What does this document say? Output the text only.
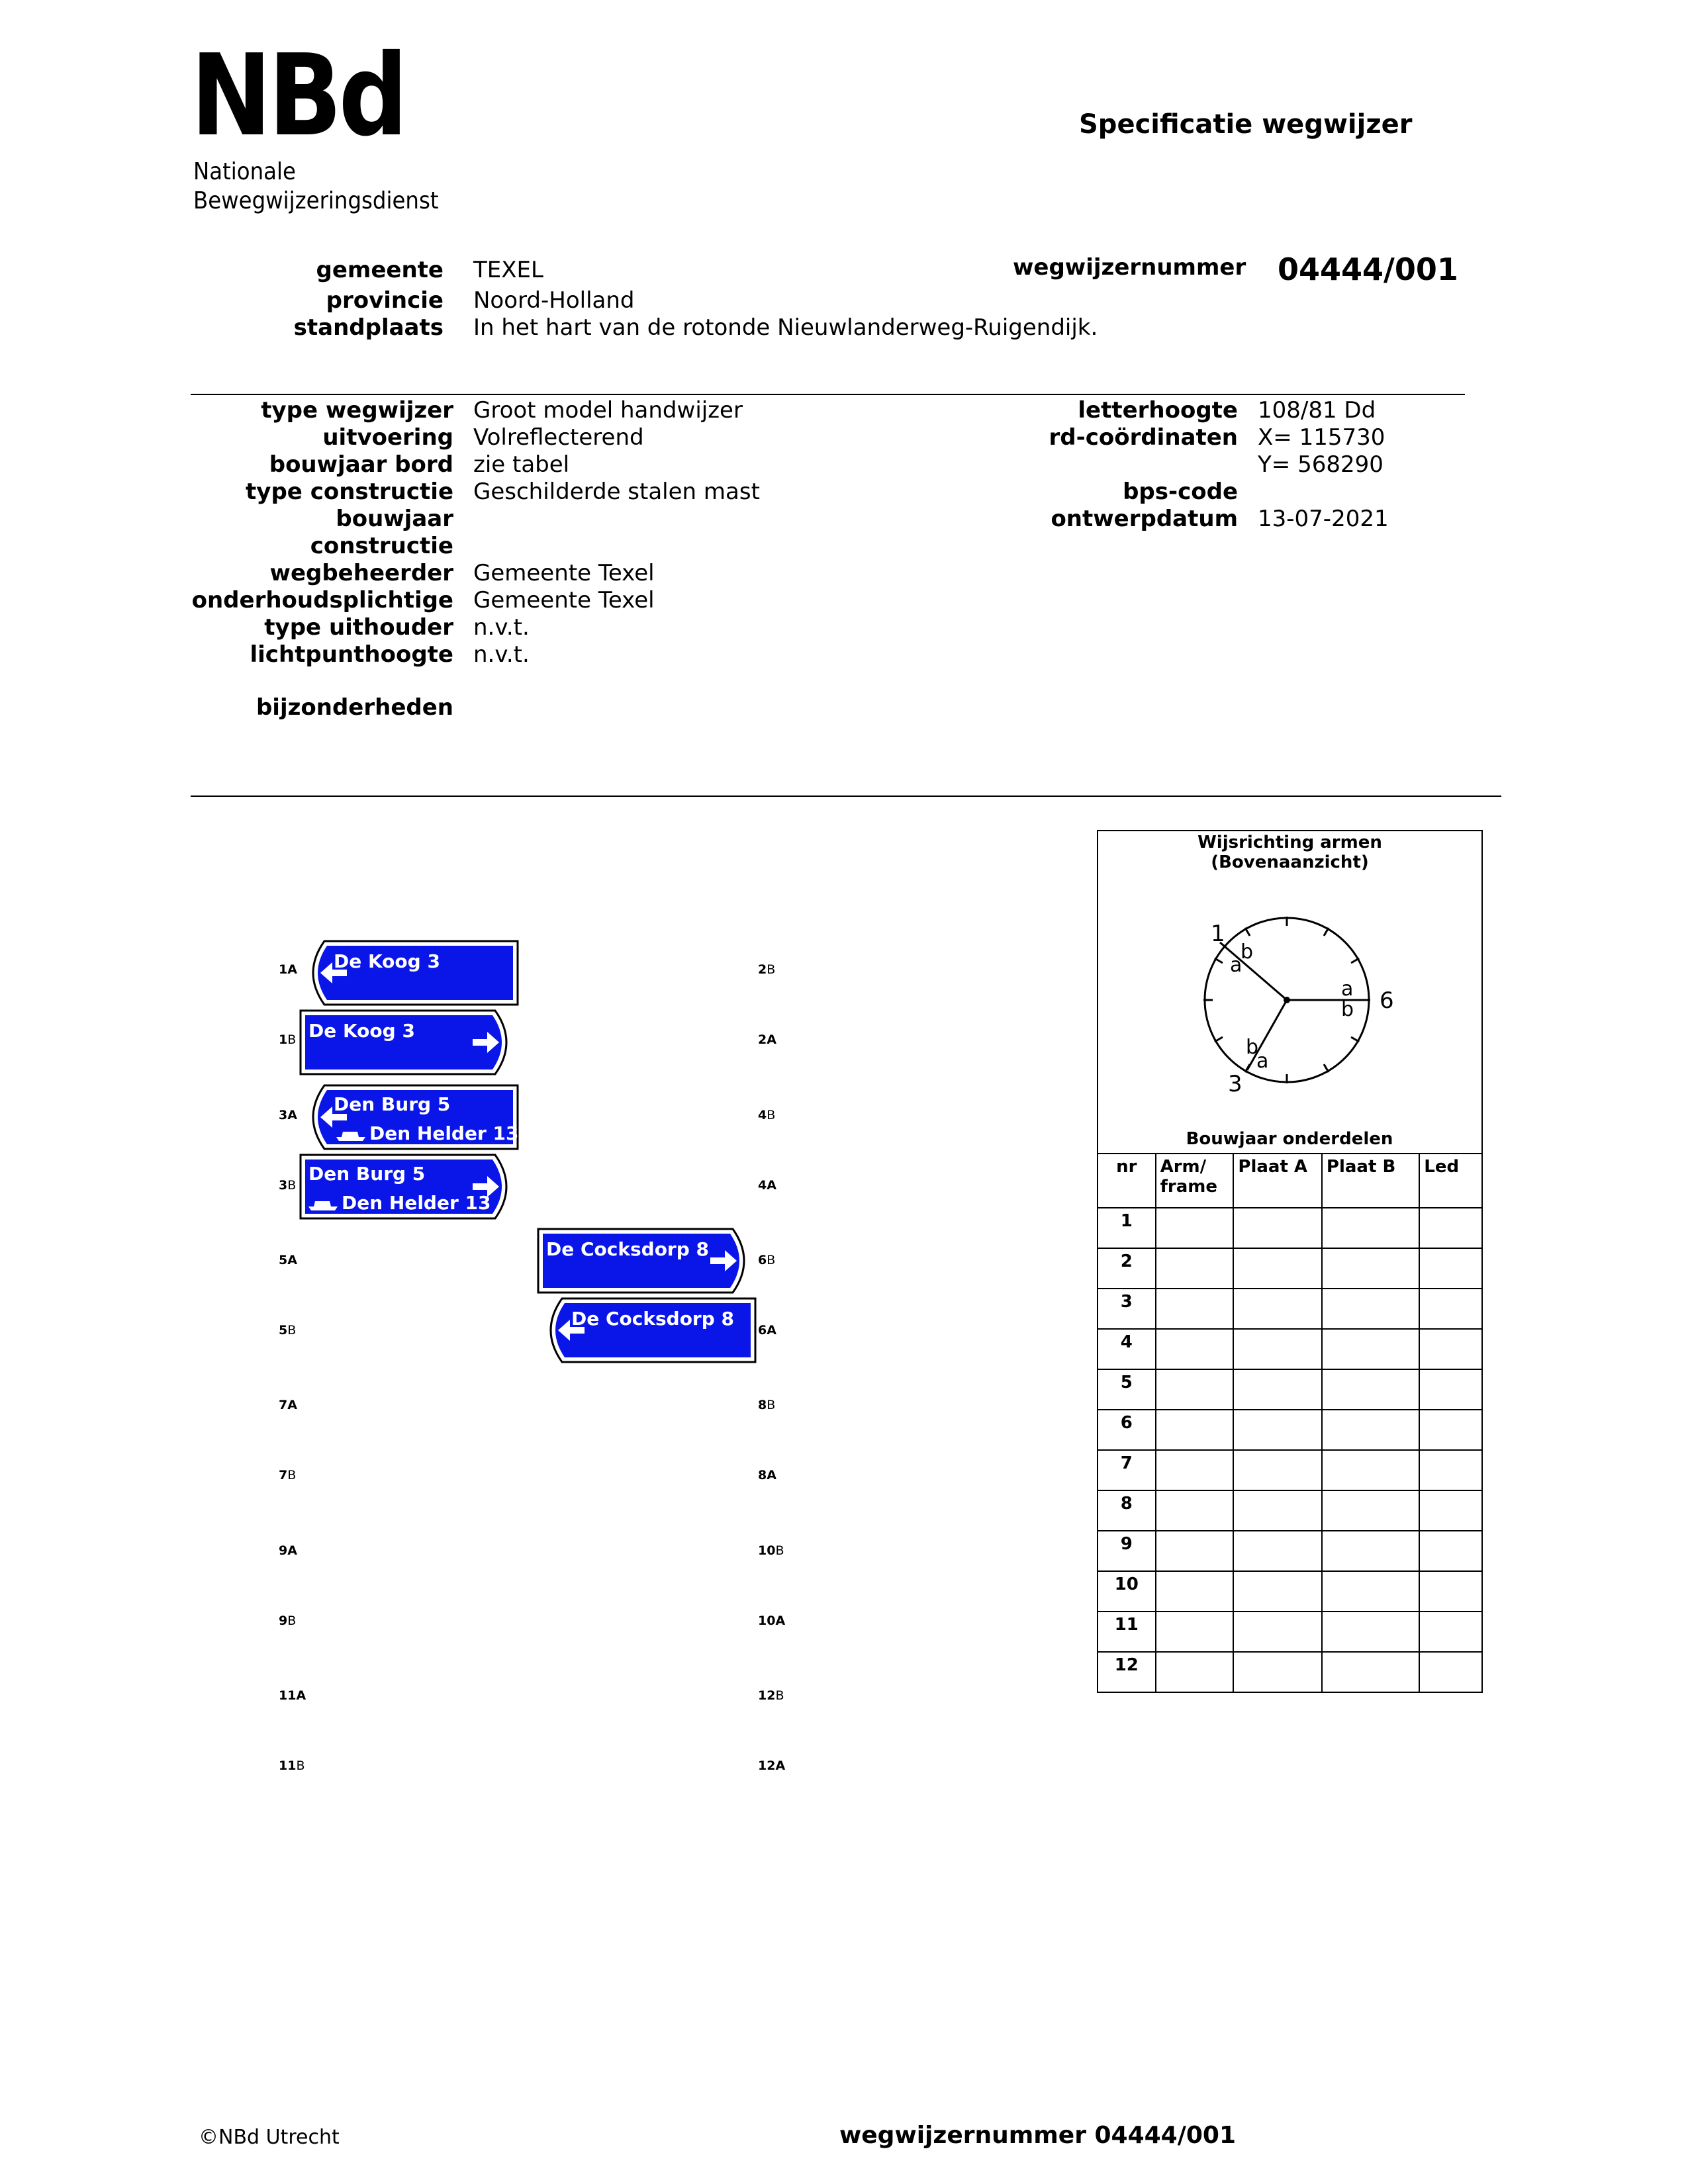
NBd
Nationale
Bewegwijzeringsdienst
Specificatie wegwijzer
gemeente TEXEL
provincie Noord-Holland
standplaats In het hart van de rotonde Nieuwlanderweg-Ruigendijk.
wegwijzernummer 04444/001
type wegwijzer Groot model handwijzer
uitvoering Volreflecterend
bouwjaar bord zie tabel
type constructie Geschilderde stalen mast
bouwjaar
constructie
wegbeheerder Gemeente Texel
onderhoudsplichtige Gemeente Texel
type uithouder n.v.t.
lichtpunthoogte n.v.t.
bijzonderheden
letterhoogte 108/81 Dd
rd-coördinaten X= 115730
Y= 568290
bps-code
ontwerpdatum 13-07-2021
1A
1B
3A
3B
5A
5B
7A
7B
9A
9B
11A
11B
2B
2A
4B
4A
6B
6A
8B
8A
10B
10A
12B
12A
De Koog 3
De Koog 3
Den Burg 5
Den Helder 13
Den Burg 5
Den Helder 13
De Cocksdorp 8
De Cocksdorp 8
Wijsrichting armen
(Bovenaanzicht)
1
3
6
b
a
a
b
b
a
Bouwjaar onderdelen
nr	Arm/ frame	Plaat A	Plaat B	Led
1				
2				
3				
4				
5				
6				
7				
8				
9				
10				
11				
12				
©NBd Utrecht	wegwijzernummer 04444/001
